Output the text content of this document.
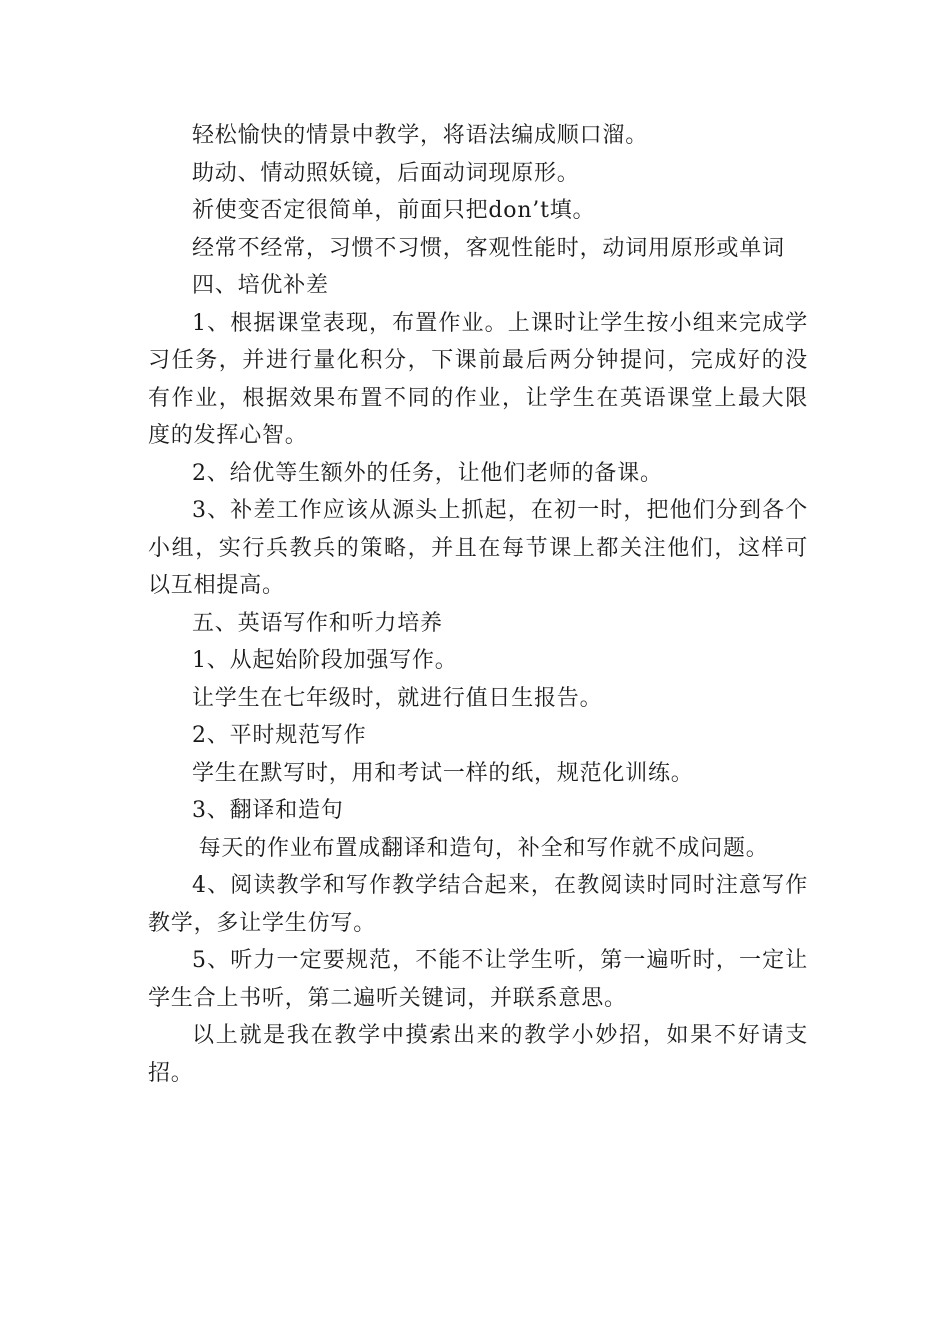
轻松愉快的情景中教学，将语法编成顺口溜。

助动、情动照妖镜，后面动词现原形。

祈使变否定很简单，前面只把don’t填。

经常不经常，习惯不习惯，客观性能时，动词用原形或单词

四、培优补差

1、根据课堂表现，布置作业。上课时让学生按小组来完成学习任务，并进行量化积分，下课前最后两分钟提问，完成好的没有作业，根据效果布置不同的作业，让学生在英语课堂上最大限度的发挥心智。

2、给优等生额外的任务，让他们老师的备课。

3、补差工作应该从源头上抓起，在初一时，把他们分到各个小组，实行兵教兵的策略，并且在每节课上都关注他们，这样可以互相提高。

五、英语写作和听力培养

1、从起始阶段加强写作。

让学生在七年级时，就进行值日生报告。

2、平时规范写作

学生在默写时，用和考试一样的纸，规范化训练。

3、翻译和造句

每天的作业布置成翻译和造句，补全和写作就不成问题。

4、阅读教学和写作教学结合起来，在教阅读时同时注意写作教学，多让学生仿写。

5、听力一定要规范，不能不让学生听，第一遍听时，一定让学生合上书听，第二遍听关键词，并联系意思。

以上就是我在教学中摸索出来的教学小妙招，如果不好请支招。
